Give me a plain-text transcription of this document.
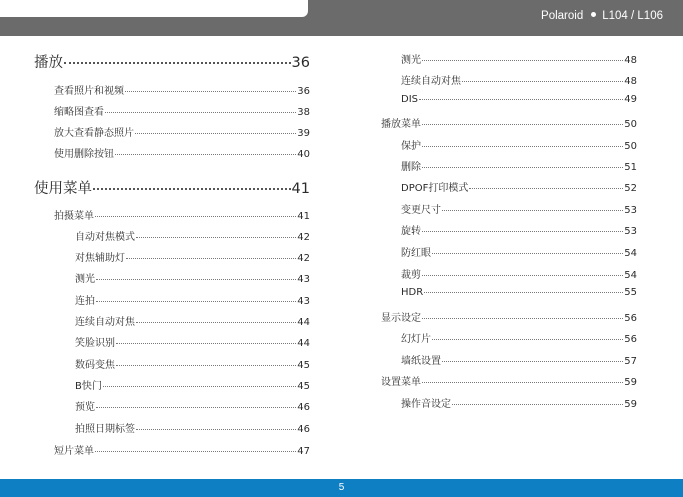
Polaroid L104 / L106
播放	36
查看照片和视频	36
缩略图查看	38
放大查看静态照片	39
使用删除按钮	40
使用菜单	41
拍摄菜单	41
自动对焦模式	42
对焦辅助灯	42
测光	43
连拍	43
连续自动对焦	44
笑脸识别	44
数码变焦	45
B快门	45
预览	46
拍照日期标签	46
短片菜单	47
测光	48
连续自动对焦	48
DIS	49
播放菜单	50
保护	50
删除	51
DPOF打印模式	52
变更尺寸	53
旋转	53
防红眼	54
裁剪	54
HDR	55
显示设定	56
幻灯片	56
墙纸设置	57
设置菜单	59
操作音设定	59
5
